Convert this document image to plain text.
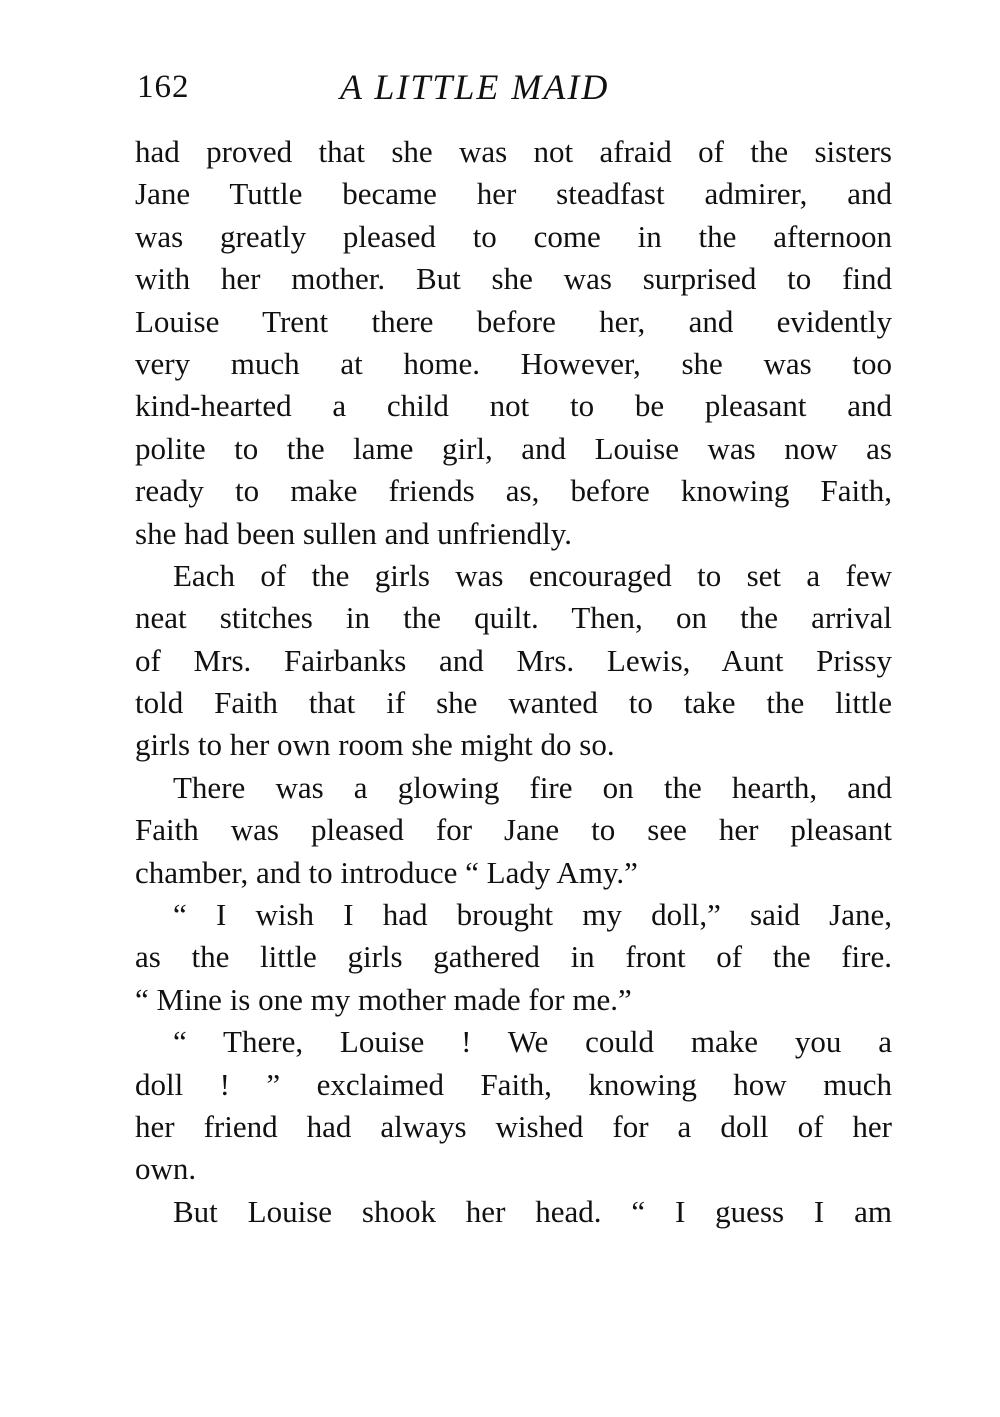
162	A LITTLE MAID
had proved that she was not afraid of the sisters
Jane Tuttle became her steadfast admirer, and
was greatly pleased to come in the afternoon
with her mother. But she was surprised to find
Louise Trent there before her, and evidently
very much at home. However, she was too
kind-hearted a child not to be pleasant and
polite to the lame girl, and Louise was now as
ready to make friends as, before knowing Faith,
she had been sullen and unfriendly.
Each of the girls was encouraged to set a few
neat stitches in the quilt. Then, on the arrival
of Mrs. Fairbanks and Mrs. Lewis, Aunt Prissy
told Faith that if she wanted to take the little
girls to her own room she might do so.
There was a glowing fire on the hearth, and
Faith was pleased for Jane to see her pleasant
chamber, and to introduce “ Lady Amy.”
“ I wish I had brought my doll,” said Jane,
as the little girls gathered in front of the fire.
“ Mine is one my mother made for me.”
“ There, Louise ! We could make you a
doll ! ” exclaimed Faith, knowing how much
her friend had always wished for a doll of her
own.
But Louise shook her head. “ I guess I am
